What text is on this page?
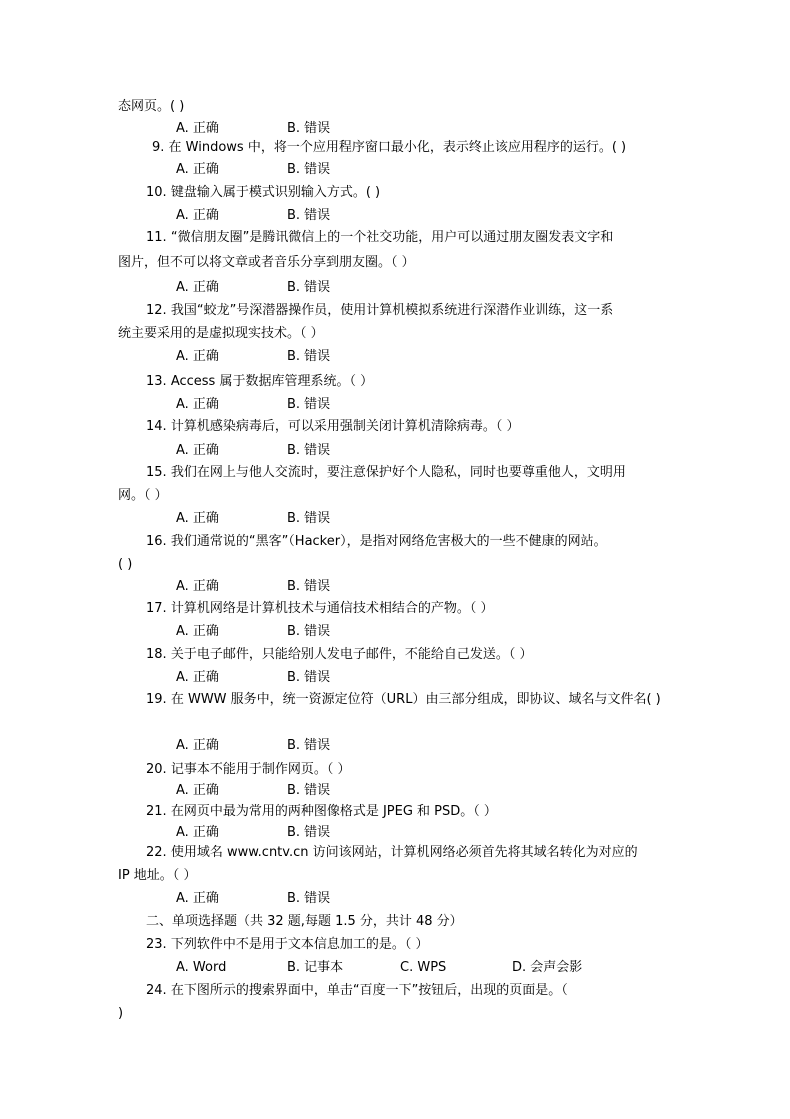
态网页。( )
A. 正确	B. 错误
9. 在 Windows 中，将一个应用程序窗口最小化，表示终止该应用程序的运行。( )
A. 正确	B. 错误
10. 键盘输入属于模式识别输入方式。( )
A. 正确	B. 错误
11. “微信朋友圈”是腾讯微信上的一个社交功能，用户可以通过朋友圈发表文字和
图片，但不可以将文章或者音乐分享到朋友圈。（ ）
A. 正确	B. 错误
12. 我国“蛟龙”号深潜器操作员，使用计算机模拟系统进行深潜作业训练，这一系
统主要采用的是虚拟现实技术。（ ）
A. 正确	B. 错误
13. Access 属于数据库管理系统。（ ）
A. 正确	B. 错误
14. 计算机感染病毒后，可以采用强制关闭计算机清除病毒。（ ）
A. 正确	B. 错误
15. 我们在网上与他人交流时，要注意保护好个人隐私，同时也要尊重他人，文明用
网。（ ）
A. 正确	B. 错误
16. 我们通常说的“黑客”（Hacker），是指对网络危害极大的一些不健康的网站。
( )
A. 正确	B. 错误
17. 计算机网络是计算机技术与通信技术相结合的产物。（ ）
A. 正确	B. 错误
18. 关于电子邮件，只能给别人发电子邮件，不能给自己发送。（ ）
A. 正确	B. 错误
19. 在 WWW 服务中，统一资源定位符（URL）由三部分组成，即协议、域名与文件名( )
A. 正确	B. 错误
20. 记事本不能用于制作网页。（ ）
A. 正确	B. 错误
21. 在网页中最为常用的两种图像格式是 JPEG 和 PSD。（ ）
A. 正确	B. 错误
22. 使用域名 www.cntv.cn 访问该网站，计算机网络必须首先将其域名转化为对应的
IP 地址。（ ）
A. 正确	B. 错误
二、单项选择题（共 32 题,每题 1.5 分，共计 48 分）
23. 下列软件中不是用于文本信息加工的是。（ ）
A. Word	B. 记事本	C. WPS	D. 会声会影
24. 在下图所示的搜索界面中，单击“百度一下”按钮后，出现的页面是。（
)
